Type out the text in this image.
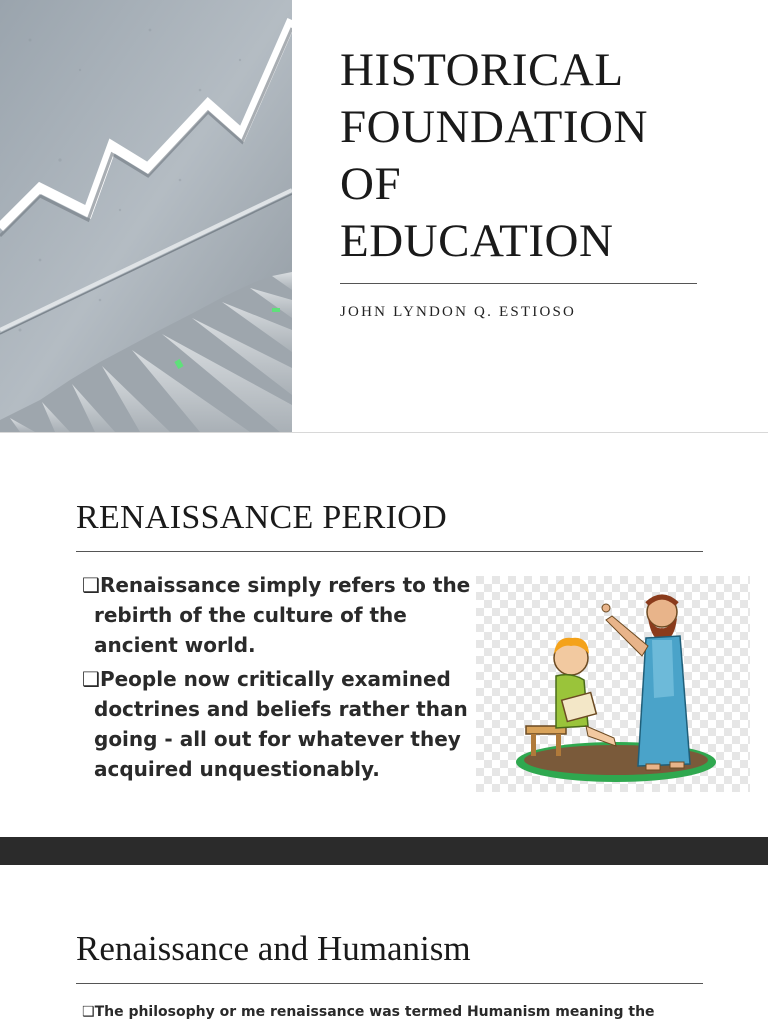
HISTORICAL
FOUNDATION
OF
EDUCATION
JOHN LYNDON Q. ESTIOSO
RENAISSANCE PERIOD
❑Renaissance simply refers to the rebirth of the culture of the ancient world.
❑People now critically examined doctrines and beliefs rather than going - all out for whatever they acquired unquestionably.
Renaissance and Humanism
❑The philosophy or me renaissance was termed Humanism meaning the
